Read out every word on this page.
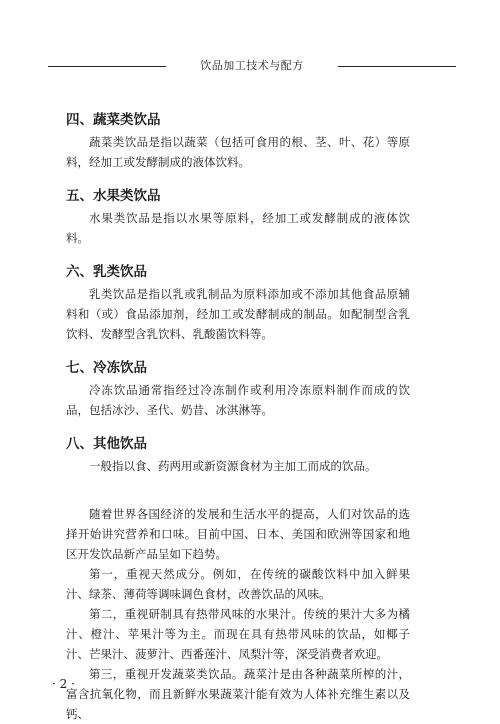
饮品加工技术与配方
四、蔬菜类饮品

蔬菜类饮品是指以蔬菜（包括可食用的根、茎、叶、花）等原料，经加工或发酵制成的液体饮料。

五、水果类饮品

水果类饮品是指以水果等原料，经加工或发酵制成的液体饮料。

六、乳类饮品

乳类饮品是指以乳或乳制品为原料添加或不添加其他食品原辅料和（或）食品添加剂，经加工或发酵制成的制品。如配制型含乳饮料、发酵型含乳饮料、乳酸菌饮料等。

七、冷冻饮品

冷冻饮品通常指经过冷冻制作或利用冷冻原料制作而成的饮品，包括冰沙、圣代、奶昔、冰淇淋等。

八、其他饮品

一般指以食、药两用或新资源食材为主加工而成的饮品。

随着世界各国经济的发展和生活水平的提高，人们对饮品的选择开始讲究营养和口味。目前中国、日本、美国和欧洲等国家和地区开发饮品新产品呈如下趋势。

第一，重视天然成分。例如，在传统的碳酸饮料中加入鲜果汁、绿茶、薄荷等调味调色食材，改善饮品的风味。

第二，重视研制具有热带风味的水果汁。传统的果汁大多为橘汁、橙汁、苹果汁等为主。而现在具有热带风味的饮品，如椰子汁、芒果汁、菠萝汁、西番莲汁、凤梨汁等，深受消费者欢迎。

第三，重视开发蔬菜类饮品。蔬菜汁是由各种蔬菜所榨的汁，富含抗氧化物，而且新鲜水果蔬菜汁能有效为人体补充维生素以及钙、

· 2 ·
